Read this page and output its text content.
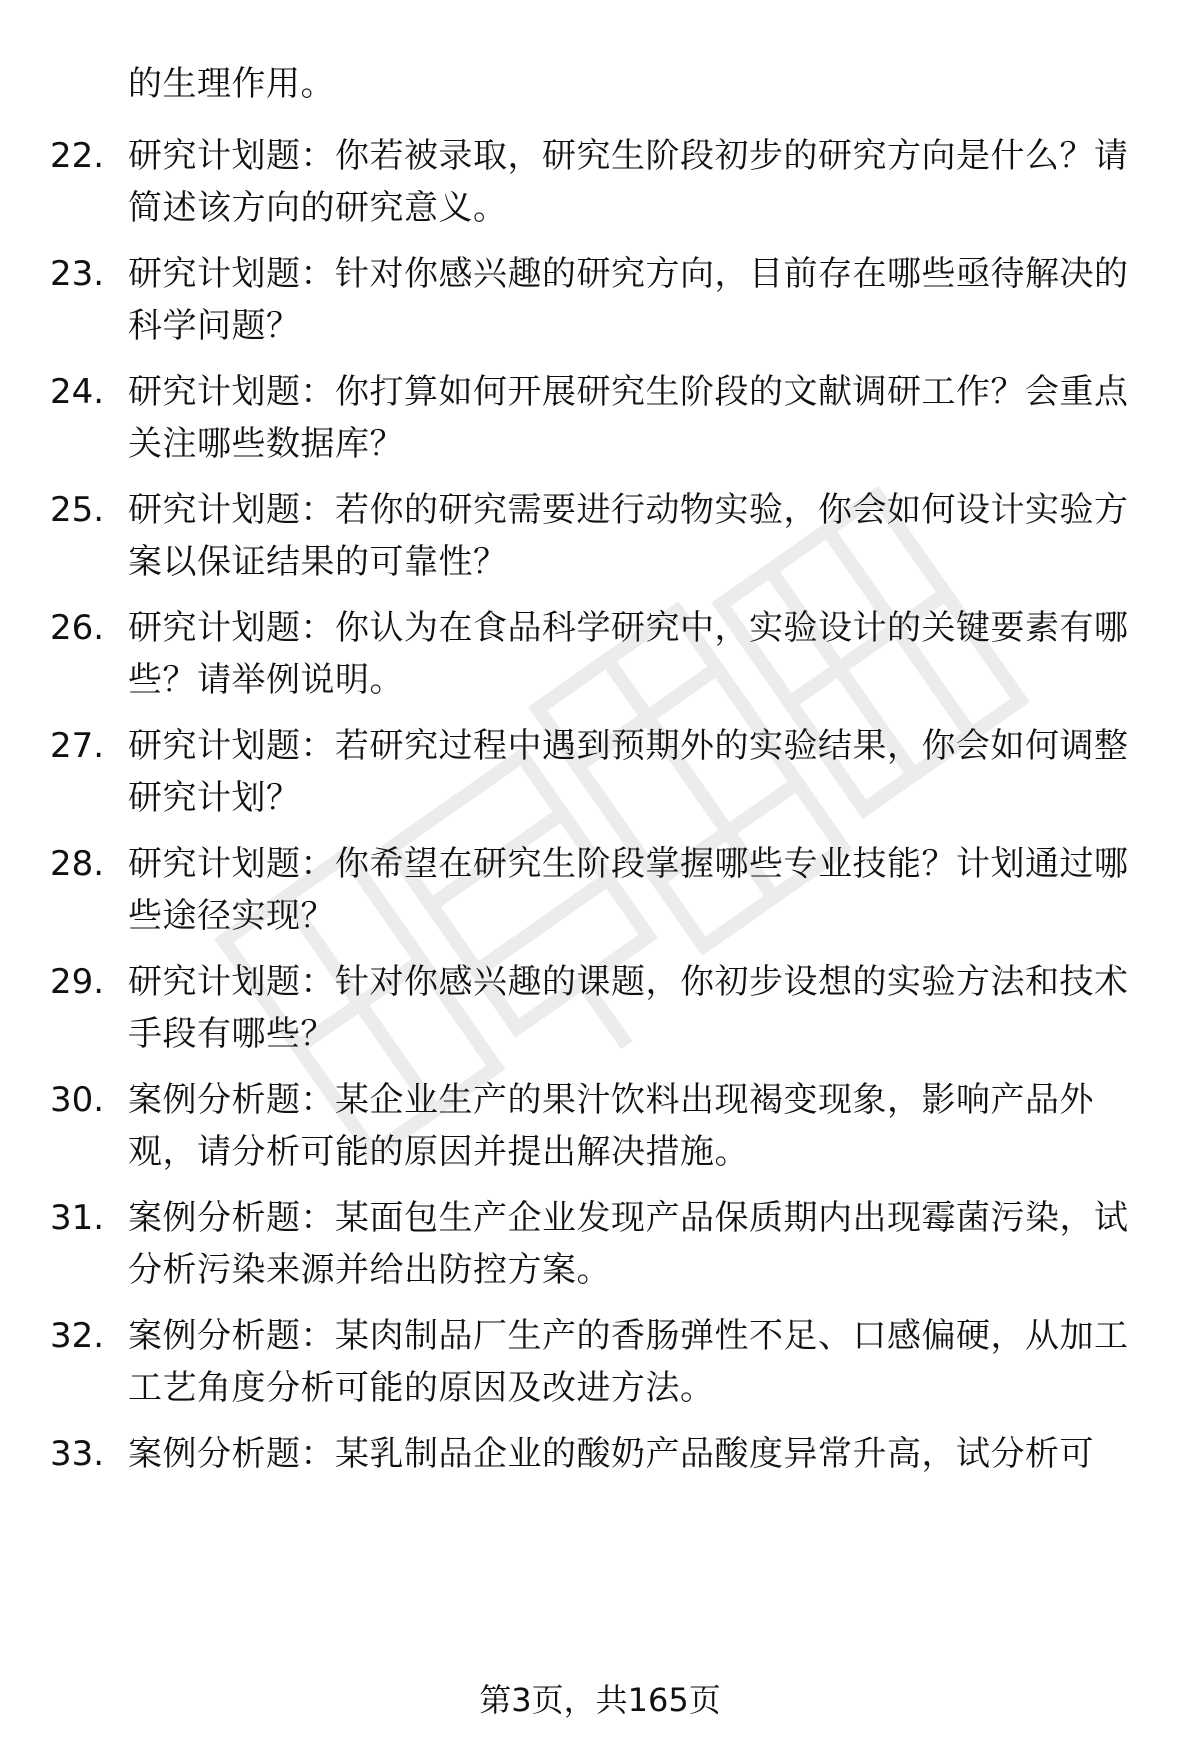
的生理作用。

22. 研究计划题：你若被录取，研究生阶段初步的研究方向是什么？请简述该方向的研究意义。
23. 研究计划题：针对你感兴趣的研究方向，目前存在哪些亟待解决的科学问题？
24. 研究计划题：你打算如何开展研究生阶段的文献调研工作？会重点关注哪些数据库？
25. 研究计划题：若你的研究需要进行动物实验，你会如何设计实验方案以保证结果的可靠性？
26. 研究计划题：你认为在食品科学研究中，实验设计的关键要素有哪些？请举例说明。
27. 研究计划题：若研究过程中遇到预期外的实验结果，你会如何调整研究计划？
28. 研究计划题：你希望在研究生阶段掌握哪些专业技能？计划通过哪些途径实现？
29. 研究计划题：针对你感兴趣的课题，你初步设想的实验方法和技术手段有哪些？
30. 案例分析题：某企业生产的果汁饮料出现褐变现象，影响产品外观，请分析可能的原因并提出解决措施。
31. 案例分析题：某面包生产企业发现产品保质期内出现霉菌污染，试分析污染来源并给出防控方案。
32. 案例分析题：某肉制品厂生产的香肠弹性不足、口感偏硬，从加工工艺角度分析可能的原因及改进方法。
33. 案例分析题：某乳制品企业的酸奶产品酸度异常升高，试分析可
第3页，共165页
